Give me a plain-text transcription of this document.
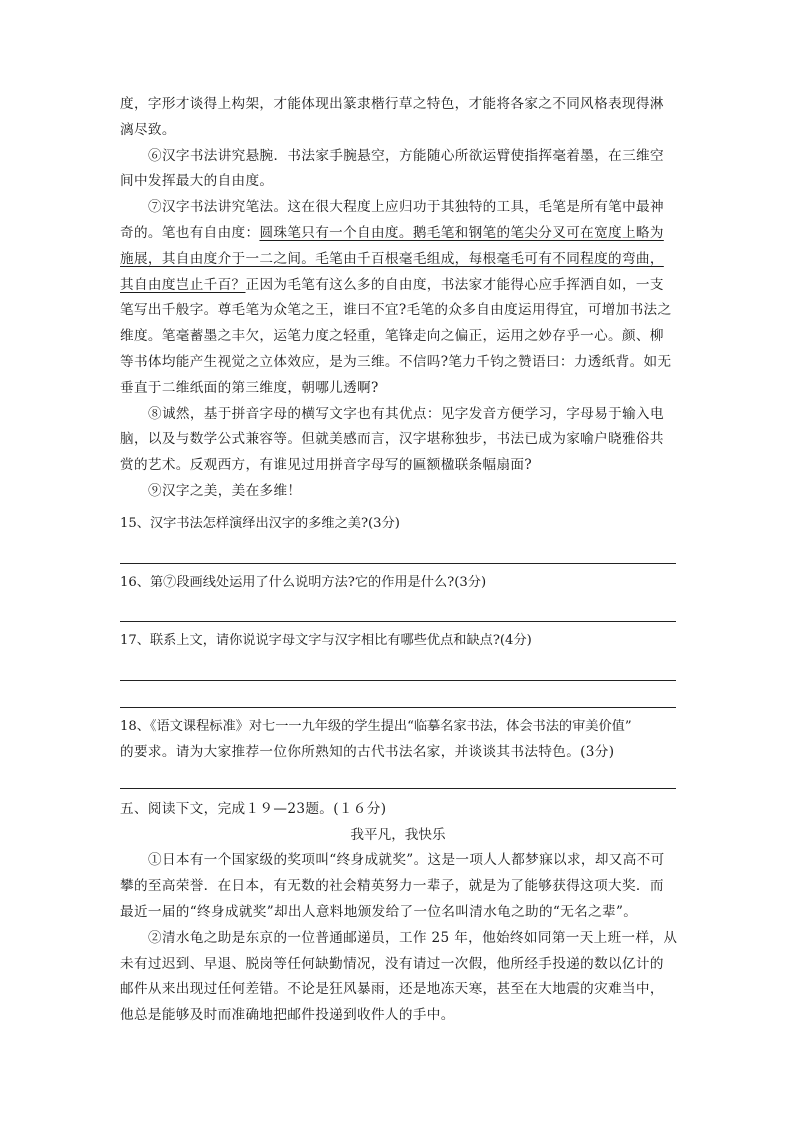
度，字形才谈得上构架，才能体现出篆隶楷行草之特色，才能将各家之不同风格表现得淋
漓尽致。
⑥汉字书法讲究悬腕．书法家手腕悬空，方能随心所欲运臂使指挥毫着墨，在三维空
间中发挥最大的自由度。
⑦汉字书法讲究笔法。这在很大程度上应归功于其独特的工具，毛笔是所有笔中最神
奇的。笔也有自由度：圆珠笔只有一个自由度。鹅毛笔和钢笔的笔尖分叉可在宽度上略为
施展，其自由度介于一二之间。毛笔由千百根毫毛组成，每根毫毛可有不同程度的弯曲，
其自由度岂止千百？正因为毛笔有这么多的自由度，书法家才能得心应手挥洒自如，一支
笔写出千般字。尊毛笔为众笔之王，谁曰不宜?毛笔的众多自由度运用得宜，可增加书法之
维度。笔毫蓄墨之丰欠，运笔力度之轻重，笔锋走向之偏正，运用之妙存乎一心。颜、柳
等书体均能产生视觉之立体效应，是为三维。不信吗?笔力千钧之赞语曰：力透纸背。如无
垂直于二维纸面的第三维度，朝哪儿透啊?
⑧诚然，基于拼音字母的横写文字也有其优点：见字发音方便学习，字母易于输入电
脑，以及与数学公式兼容等。但就美感而言，汉字堪称独步，书法已成为家喻户晓雅俗共
赏的艺术。反观西方，有谁见过用拼音字母写的匾额楹联条幅扇面?
⑨汉字之美，美在多维！
15、汉字书法怎样演绎出汉字的多维之美?(3分)
16、第⑦段画线处运用了什么说明方法?它的作用是什么?(3分)
17、联系上文，请你说说字母文字与汉字相比有哪些优点和缺点?(4分)
18、《语文课程标准》对七一一九年级的学生提出“临摹名家书法，体会书法的审美价值”
的要求。请为大家推荐一位你所熟知的古代书法名家，并谈谈其书法特色。(3分)
五、阅读下文，完成１９—23题。(１６分)
我平凡，我快乐
①日本有一个国家级的奖项叫“终身成就奖”。这是一项人人都梦寐以求，却又高不可
攀的至高荣誉．在日本，有无数的社会精英努力一辈子，就是为了能够获得这项大奖．而
最近一届的“终身成就奖”却出人意料地颁发给了一位名叫清水龟之助的“无名之辈”。
②清水龟之助是东京的一位普通邮递员，工作 25 年，他始终如同第一天上班一样，从
未有过迟到、早退、脱岗等任何缺勤情况，没有请过一次假，他所经手投递的数以亿计的
邮件从来出现过任何差错。不论是狂风暴雨，还是地冻天寒，甚至在大地震的灾难当中，
他总是能够及时而准确地把邮件投递到收件人的手中。
